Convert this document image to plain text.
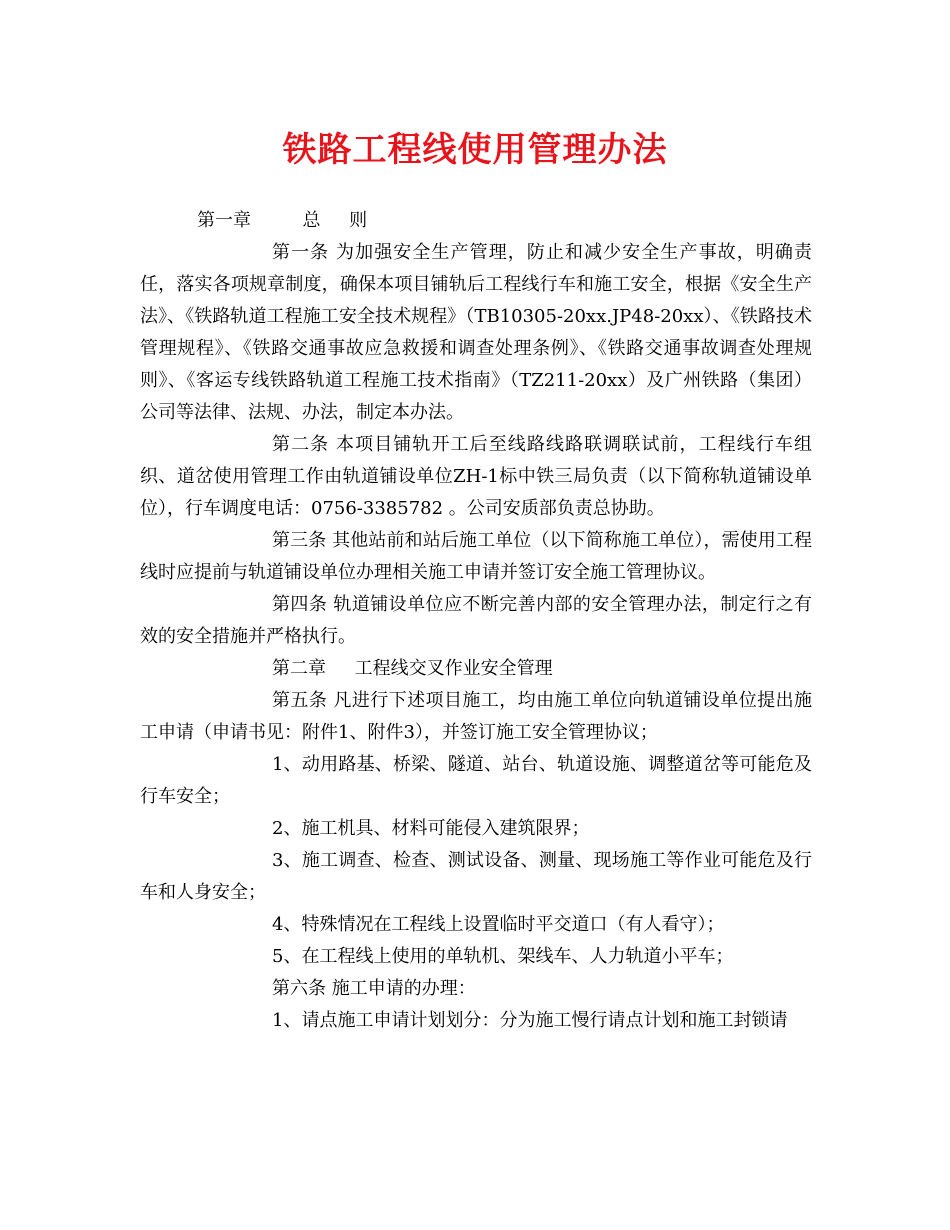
铁路工程线使用管理办法

第一章         总     则

第一条 为加强安全生产管理，防止和减少安全生产事故，明确责任，落实各项规章制度，确保本项目铺轨后工程线行车和施工安全，根据《安全生产法》、《铁路轨道工程施工安全技术规程》（TB10305-20xx.JP48-20xx）、《铁路技术管理规程》、《铁路交通事故应急救援和调查处理条例》、《铁路交通事故调查处理规则》、《客运专线铁路轨道工程施工技术指南》（TZ211-20xx）及广州铁路（集团）公司等法律、法规、办法，制定本办法。

第二条 本项目铺轨开工后至线路线路联调联试前，工程线行车组织、道岔使用管理工作由轨道铺设单位ZH-1标中铁三局负责（以下简称轨道铺设单位），行车调度电话：0756-3385782 。公司安质部负责总协助。

第三条 其他站前和站后施工单位（以下简称施工单位），需使用工程线时应提前与轨道铺设单位办理相关施工申请并签订安全施工管理协议。

第四条 轨道铺设单位应不断完善内部的安全管理办法，制定行之有效的安全措施并严格执行。

第二章     工程线交叉作业安全管理

第五条 凡进行下述项目施工，均由施工单位向轨道铺设单位提出施工申请（申请书见：附件1、附件3），并签订施工安全管理协议；

1、动用路基、桥梁、隧道、站台、轨道设施、调整道岔等可能危及行车安全；

2、施工机具、材料可能侵入建筑限界；

3、施工调查、检查、测试设备、测量、现场施工等作业可能危及行车和人身安全；

4、特殊情况在工程线上设置临时平交道口（有人看守）；

5、在工程线上使用的单轨机、架线车、人力轨道小平车；

第六条 施工申请的办理：

1、请点施工申请计划划分：分为施工慢行请点计划和施工封锁请
